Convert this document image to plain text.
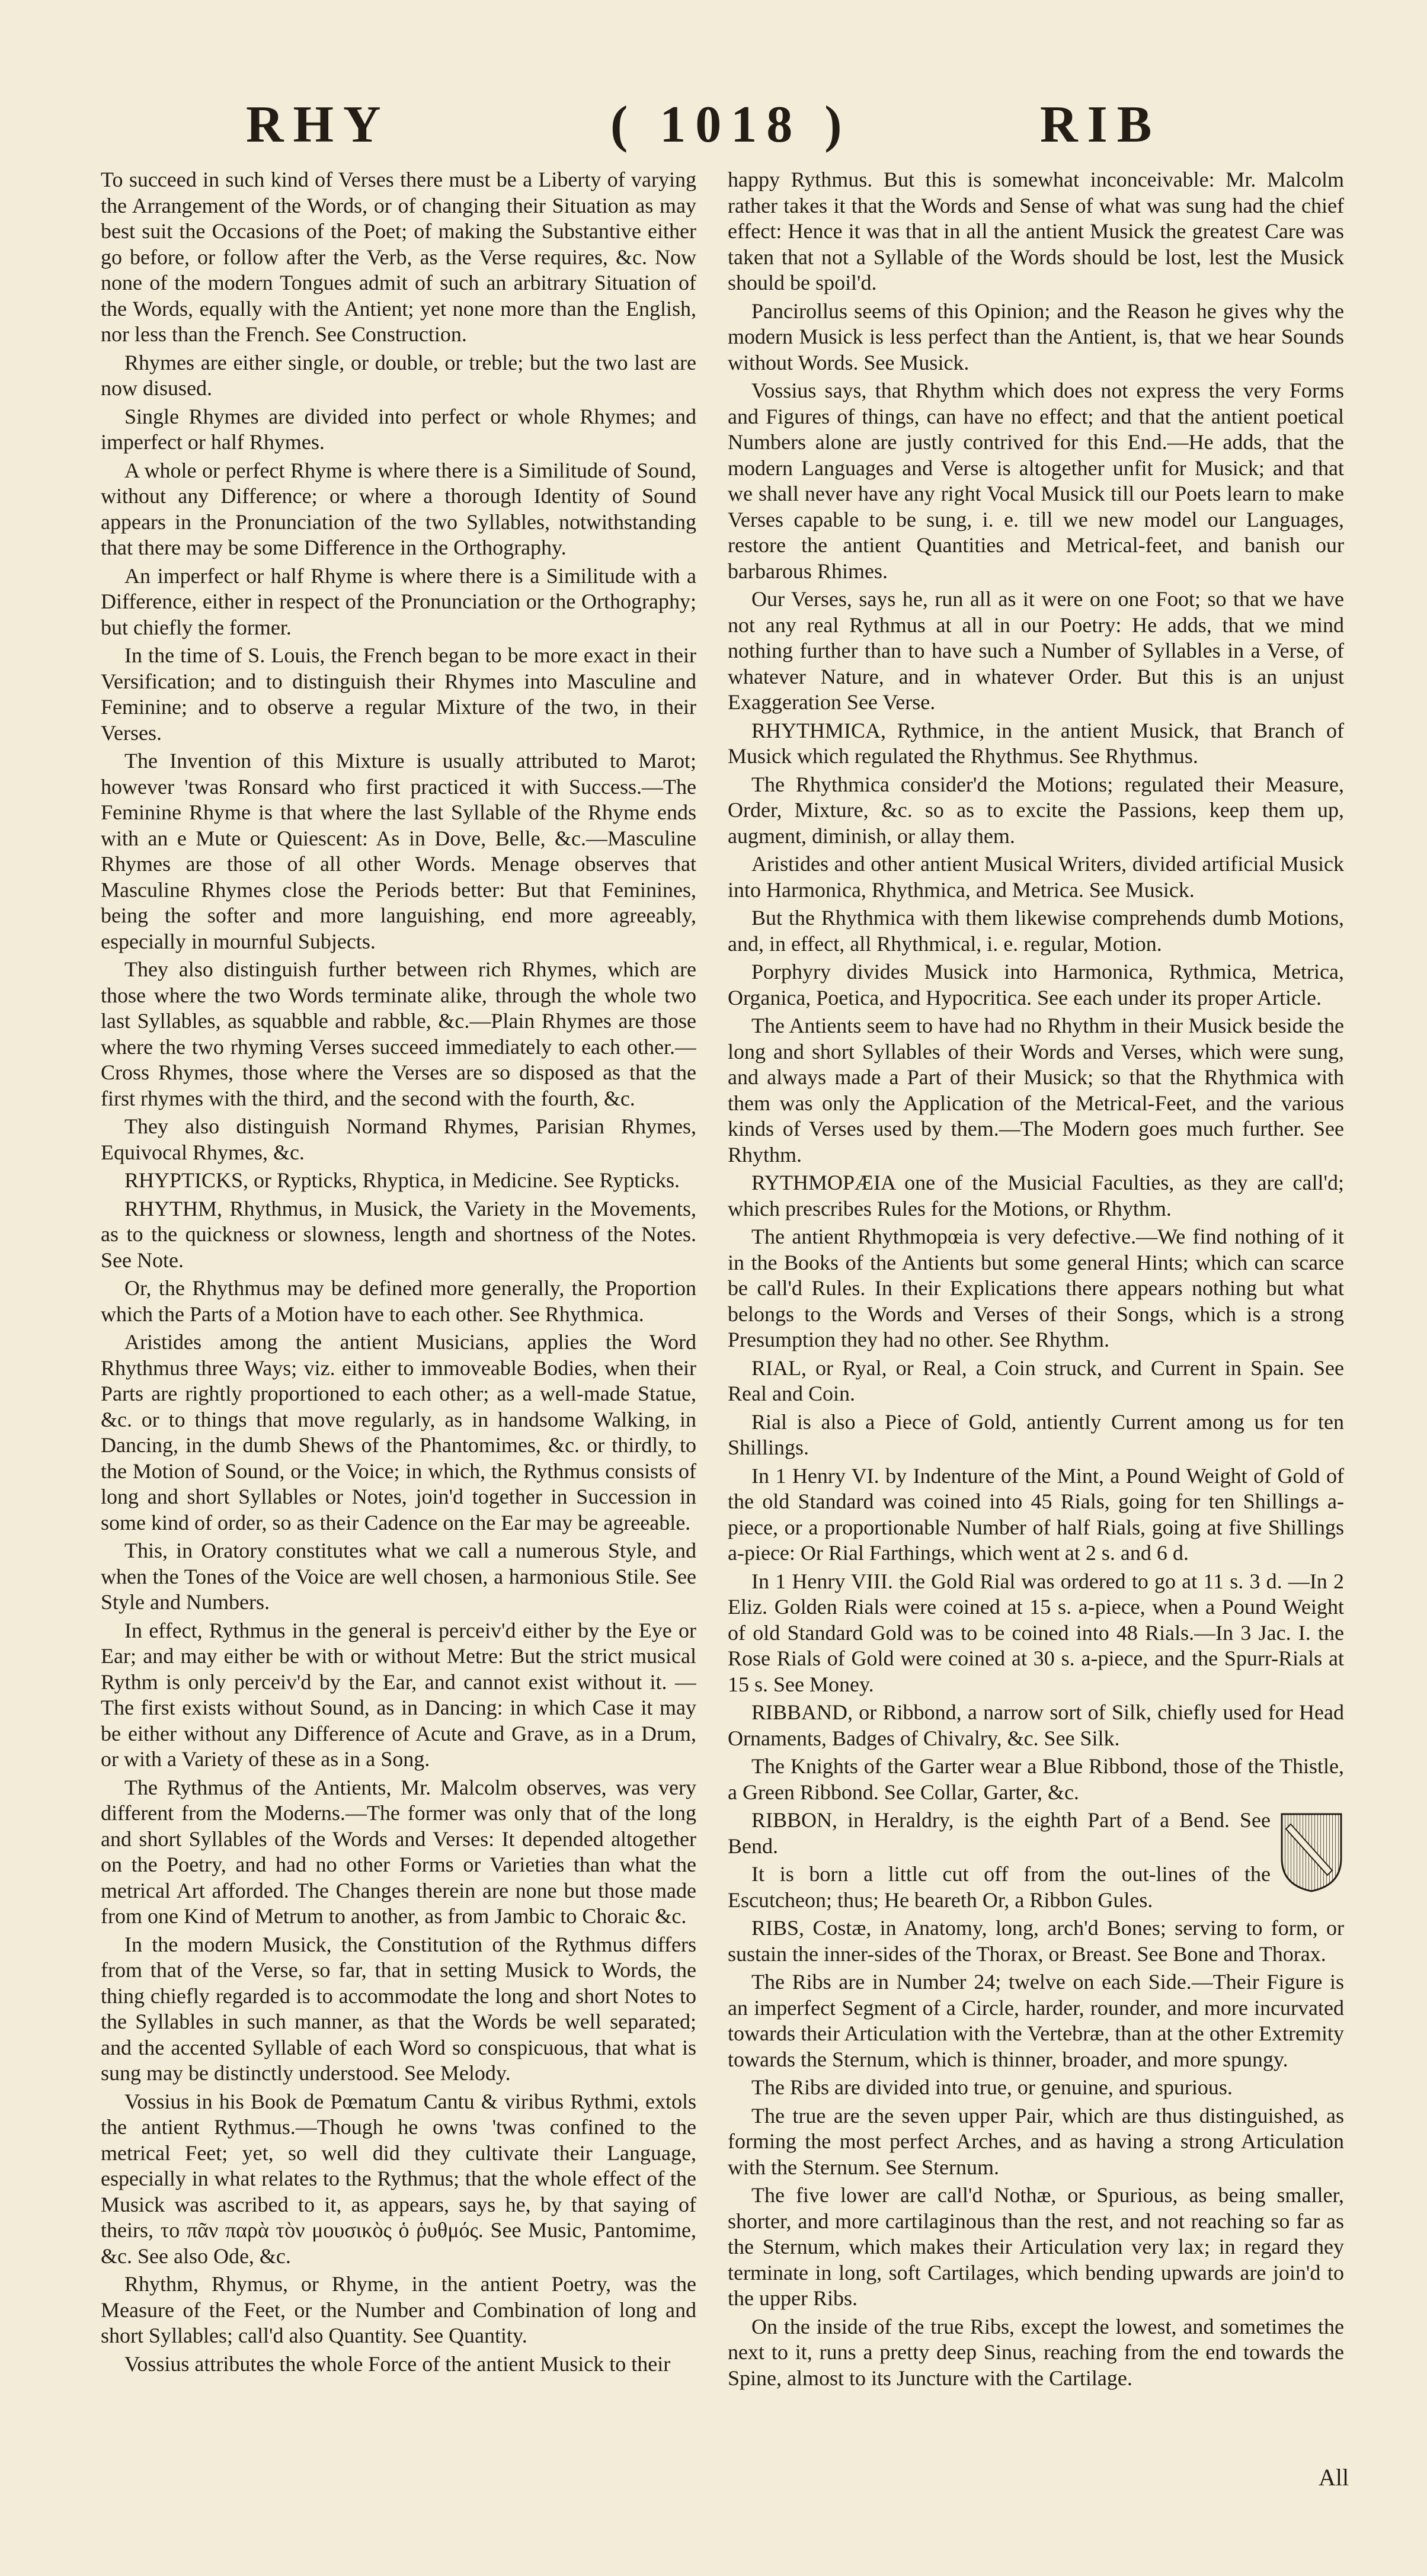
RHY	( 1018 )	RIB

To succeed in such kind of Verses there must be a Liberty of varying the Arrangement of the Words, or of changing their Situation as may best suit the Occasions of the Poet; of making the Substantive either go before, or follow after the Verb, as the Verse requires, &c. Now none of the modern Tongues admit of such an arbitrary Situation of the Words, equally with the Antient; yet none more than the English, nor less than the French. See Construction.

Rhymes are either single, or double, or treble; but the two last are now disused.

Single Rhymes are divided into perfect or whole Rhymes; and imperfect or half Rhymes.

A whole or perfect Rhyme is where there is a Similitude of Sound, without any Difference; or where a thorough Identity of Sound appears in the Pronunciation of the two Syllables, notwithstanding that there may be some Difference in the Orthography.

An imperfect or half Rhyme is where there is a Similitude with a Difference, either in respect of the Pronunciation or the Orthography; but chiefly the former.

In the time of S. Louis, the French began to be more exact in their Versification; and to distinguish their Rhymes into Masculine and Feminine; and to observe a regular Mixture of the two, in their Verses.

The Invention of this Mixture is usually attributed to Marot; however 'twas Ronsard who first practiced it with Success.—The Feminine Rhyme is that where the last Syllable of the Rhyme ends with an e Mute or Quiescent: As in Dove, Belle, &c.—Masculine Rhymes are those of all other Words. Menage observes that Masculine Rhymes close the Periods better: But that Feminines, being the softer and more languishing, end more agreeably, especially in mournful Subjects.

They also distinguish further between rich Rhymes, which are those where the two Words terminate alike, through the whole two last Syllables, as squabble and rabble, &c.—Plain Rhymes are those where the two rhyming Verses succeed immediately to each other.—Cross Rhymes, those where the Verses are so disposed as that the first rhymes with the third, and the second with the fourth, &c.

They also distinguish Normand Rhymes, Parisian Rhymes, Equivocal Rhymes, &c.

RHYPTICKS, or Rypticks, Rhyptica, in Medicine. See Rypticks.

RHYTHM, Rhythmus, in Musick, the Variety in the Movements, as to the quickness or slowness, length and shortness of the Notes. See Note.

Or, the Rhythmus may be defined more generally, the Proportion which the Parts of a Motion have to each other. See Rhythmica.

Aristides among the antient Musicians, applies the Word Rhythmus three Ways; viz. either to immoveable Bodies, when their Parts are rightly proportioned to each other; as a well-made Statue, &c. or to things that move regularly, as in handsome Walking, in Dancing, in the dumb Shews of the Phantomimes, &c. or thirdly, to the Motion of Sound, or the Voice; in which, the Rythmus consists of long and short Syllables or Notes, join'd together in Succession in some kind of order, so as their Cadence on the Ear may be agreeable.

This, in Oratory constitutes what we call a numerous Style, and when the Tones of the Voice are well chosen, a harmonious Stile. See Style and Numbers.

In effect, Rythmus in the general is perceiv'd either by the Eye or Ear; and may either be with or without Metre: But the strict musical Rythm is only perceiv'd by the Ear, and cannot exist without it. —The first exists without Sound, as in Dancing: in which Case it may be either without any Difference of Acute and Grave, as in a Drum, or with a Variety of these as in a Song.

The Rythmus of the Antients, Mr. Malcolm observes, was very different from the Moderns.—The former was only that of the long and short Syllables of the Words and Verses: It depended altogether on the Poetry, and had no other Forms or Varieties than what the metrical Art afforded. The Changes therein are none but those made from one Kind of Metrum to another, as from Jambic to Choraic &c.

In the modern Musick, the Constitution of the Rythmus differs from that of the Verse, so far, that in setting Musick to Words, the thing chiefly regarded is to accommodate the long and short Notes to the Syllables in such manner, as that the Words be well separated; and the accented Syllable of each Word so conspicuous, that what is sung may be distinctly understood. See Melody.

Vossius in his Book de Pœmatum Cantu & viribus Rythmi, extols the antient Rythmus.—Though he owns 'twas confined to the metrical Feet; yet, so well did they cultivate their Language, especially in what relates to the Rythmus; that the whole effect of the Musick was ascribed to it, as appears, says he, by that saying of theirs, το πᾶν παρὰ τὸν μουσικὸς ὁ ῥυθμός. See Music, Pantomime, &c. See also Ode, &c.

Rhythm, Rhymus, or Rhyme, in the antient Poetry, was the Measure of the Feet, or the Number and Combination of long and short Syllables; call'd also Quantity. See Quantity.

Vossius attributes the whole Force of the antient Musick to their

happy Rythmus. But this is somewhat inconceivable: Mr. Malcolm rather takes it that the Words and Sense of what was sung had the chief effect: Hence it was that in all the antient Musick the greatest Care was taken that not a Syllable of the Words should be lost, lest the Musick should be spoil'd.

Pancirollus seems of this Opinion; and the Reason he gives why the modern Musick is less perfect than the Antient, is, that we hear Sounds without Words. See Musick.

Vossius says, that Rhythm which does not express the very Forms and Figures of things, can have no effect; and that the antient poetical Numbers alone are justly contrived for this End.—He adds, that the modern Languages and Verse is altogether unfit for Musick; and that we shall never have any right Vocal Musick till our Poets learn to make Verses capable to be sung, i. e. till we new model our Languages, restore the antient Quantities and Metrical-feet, and banish our barbarous Rhimes.

Our Verses, says he, run all as it were on one Foot; so that we have not any real Rythmus at all in our Poetry: He adds, that we mind nothing further than to have such a Number of Syllables in a Verse, of whatever Nature, and in whatever Order. But this is an unjust Exaggeration See Verse.

RHYTHMICA, Rythmice, in the antient Musick, that Branch of Musick which regulated the Rhythmus. See Rhythmus.

The Rhythmica consider'd the Motions; regulated their Measure, Order, Mixture, &c. so as to excite the Passions, keep them up, augment, diminish, or allay them.

Aristides and other antient Musical Writers, divided artificial Musick into Harmonica, Rhythmica, and Metrica. See Musick.

But the Rhythmica with them likewise comprehends dumb Motions, and, in effect, all Rhythmical, i. e. regular, Motion.

Porphyry divides Musick into Harmonica, Rythmica, Metrica, Organica, Poetica, and Hypocritica. See each under its proper Article.

The Antients seem to have had no Rhythm in their Musick beside the long and short Syllables of their Words and Verses, which were sung, and always made a Part of their Musick; so that the Rhythmica with them was only the Application of the Metrical-Feet, and the various kinds of Verses used by them.—The Modern goes much further. See Rhythm.

RYTHMOPÆIA one of the Musicial Faculties, as they are call'd; which prescribes Rules for the Motions, or Rhythm.

The antient Rhythmopœia is very defective.—We find nothing of it in the Books of the Antients but some general Hints; which can scarce be call'd Rules. In their Explications there appears nothing but what belongs to the Words and Verses of their Songs, which is a strong Presumption they had no other. See Rhythm.

RIAL, or Ryal, or Real, a Coin struck, and Current in Spain. See Real and Coin.

Rial is also a Piece of Gold, antiently Current among us for ten Shillings.

In 1 Henry VI. by Indenture of the Mint, a Pound Weight of Gold of the old Standard was coined into 45 Rials, going for ten Shillings a-piece, or a proportionable Number of half Rials, going at five Shillings a-piece: Or Rial Farthings, which went at 2 s. and 6 d.

In 1 Henry VIII. the Gold Rial was ordered to go at 11 s. 3 d. —In 2 Eliz. Golden Rials were coined at 15 s. a-piece, when a Pound Weight of old Standard Gold was to be coined into 48 Rials.—In 3 Jac. I. the Rose Rials of Gold were coined at 30 s. a-piece, and the Spurr-Rials at 15 s. See Money.

RIBBAND, or Ribbond, a narrow sort of Silk, chiefly used for Head Ornaments, Badges of Chivalry, &c. See Silk.

The Knights of the Garter wear a Blue Ribbond, those of the Thistle, a Green Ribbond. See Collar, Garter, &c.

RIBBON, in Heraldry, is the eighth Part of a Bend. See Bend.

It is born a little cut off from the out-lines of the Escutcheon; thus; He beareth Or, a Ribbon Gules.

RIBS, Costæ, in Anatomy, long, arch'd Bones; serving to form, or sustain the inner-sides of the Thorax, or Breast. See Bone and Thorax.

The Ribs are in Number 24; twelve on each Side.—Their Figure is an imperfect Segment of a Circle, harder, rounder, and more incurvated towards their Articulation with the Vertebræ, than at the other Extremity towards the Sternum, which is thinner, broader, and more spungy.

The Ribs are divided into true, or genuine, and spurious.

The true are the seven upper Pair, which are thus distinguished, as forming the most perfect Arches, and as having a strong Articulation with the Sternum. See Sternum.

The five lower are call'd Nothæ, or Spurious, as being smaller, shorter, and more cartilaginous than the rest, and not reaching so far as the Sternum, which makes their Articulation very lax; in regard they terminate in long, soft Cartilages, which bending upwards are join'd to the upper Ribs.

On the inside of the true Ribs, except the lowest, and sometimes the next to it, runs a pretty deep Sinus, reaching from the end towards the Spine, almost to its Juncture with the Cartilage.

All
